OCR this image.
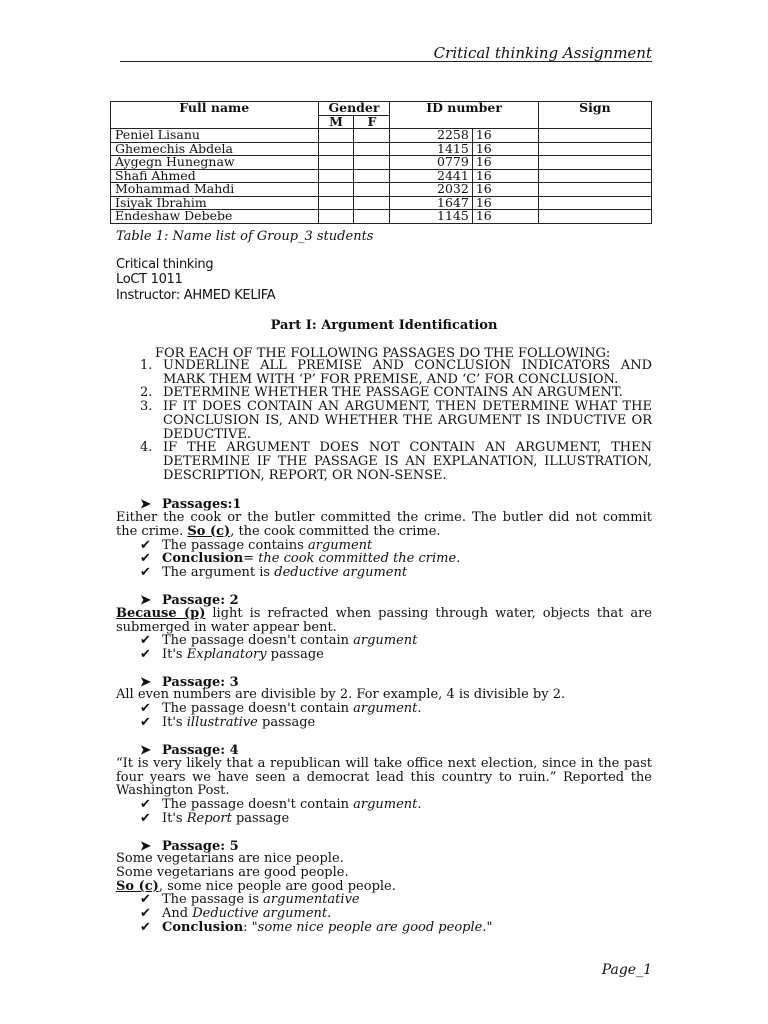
Critical thinking Assignment
Full name	Gender		ID number	Sign
	M	F		
Peniel Lisanu			2258 16	

Ghemechis Abdela			1415 16	

Aygegn Hunegnaw			0779 16	

Shafi Ahmed			2441 16	

Mohammad Mahdi			2032 16	

Isiyak Ibrahim			1647 16	

Endeshaw Debebe			1145 16	

Table 1: Name list of Group_3 students
Critical thinking
LoCT 1011
Instructor: AHMED KELIFA
Part I: Argument Identification
FOR EACH OF THE FOLLOWING PASSAGES DO THE FOLLOWING:
1. UNDERLINE ALL PREMISE AND CONCLUSION INDICATORS AND MARK THEM WITH ‘P’ FOR PREMISE, AND ‘C’ FOR CONCLUSION.
2. DETERMINE WHETHER THE PASSAGE CONTAINS AN ARGUMENT.
3. IF IT DOES CONTAIN AN ARGUMENT, THEN DETERMINE WHAT THE CONCLUSION IS, AND WHETHER THE ARGUMENT IS INDUCTIVE OR DEDUCTIVE.
4. IF THE ARGUMENT DOES NOT CONTAIN AN ARGUMENT, THEN DETERMINE IF THE PASSAGE IS AN EXPLANATION, ILLUSTRATION, DESCRIPTION, REPORT, OR NON-SENSE.
➤ Passages:1
Either the cook or the butler committed the crime. The butler did not commit the crime. So (c), the cook committed the crime.
✔ The passage contains argument
✔ Conclusion= the cook committed the crime.
✔ The argument is deductive argument
➤ Passage: 2
Because (p) light is refracted when passing through water, objects that are submerged in water appear bent.
✔ The passage doesn't contain argument
✔ It's Explanatory passage
➤ Passage: 3
All even numbers are divisible by 2. For example, 4 is divisible by 2.
✔ The passage doesn't contain argument.
✔ It's illustrative passage
➤ Passage: 4
“It is very likely that a republican will take office next election, since in the past four years we have seen a democrat lead this country to ruin.” Reported the Washington Post.
✔ The passage doesn't contain argument.
✔ It's Report passage
➤ Passage: 5
Some vegetarians are nice people.
Some vegetarians are good people.
So (c), some nice people are good people.
✔ The passage is argumentative
✔ And Deductive argument.
✔ Conclusion: "some nice people are good people."
Page_1
